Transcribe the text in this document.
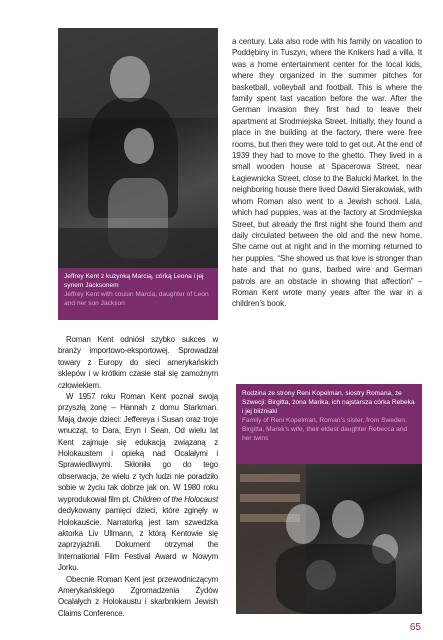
Jeffrey Kent z kuzynką Marcią, córką Leona i jej synem Jacksonem
Jeffrey Kent with cousin Marcia, daughter of Leon and her son Jackson

a century. Lala also rode with his family on vacation to Poddębiny in Tuszyn, where the Knikers had a villa. It was a home entertainment center for the local kids, where they organized in the summer pitches for basketball, volleyball and football. This is where the family spent last vacation before the war. After the German invasion they first had to leave their apartment at Srodmiejska Street. Initially, they found a place in the building at the factory, there were free rooms, but then they were told to get out. At the end of 1939 they had to move to the ghetto. They lived in a small wooden house at Spacerowa Street, near Łagiewnicka Street, close to the Balucki Market. In the neighboring house there lived Dawid Sierakowiak, with whom Roman also went to a Jewish school. Lala, which had puppies, was at the factory at Srodmiejska Street, but already the first night she found them and daily circulated between the old and the new home. She came out at night and in the morning returned to her puppies. “She showed us that love is stronger than hate and that no guns, barbed wire and German patrols are an obstacle in showing that affection” – Roman Kent wrote many years after the war in a children’s book.

Roman Kent odniósł szybko sukces w branży importowo-eksportowej. Sprowadzał towary z Europy do sieci amerykańskich sklepów i w krótkim czasie stał się zamożnym człowiekiem.

W 1957 roku Roman Kent poznał swoją przyszłą żonę – Hannah z domu Starkman. Mają dwoje dzieci: Jeffereya i Susan oraz troje wnucząt, to Dara, Eryn i Sean. Od wielu lat Kent zajmuje się edukacją związaną z Holokaustem i opieką nad Ocalałymi i Sprawiedliwymi. Skłoniła go do tego obserwacja, że wielu z tych ludzi nie poradziło sobie w życiu tak dobrze jak on. W 1980 roku wyprodukował film pt. Children of the Holocaust dedykowany pamięci dzieci, które zginęły w Holokauście. Narratorką jest tam szwedzka aktorka Liv Ullmann, z którą Kentowie się zaprzyjaźnili. Dokument otrzymał the International Film Festival Award w Nowym Jorku.

Obecnie Roman Kent jest przewodniczącym Amerykańskiego Zgromadzenia Żydów Ocalałych z Holokaustu i skarbnikiem Jewish Claims Conference.

Rodzina ze strony Reni Kopelman, siostry Romana, ze Szwecji: Birgitta, żona Marika, ich najstarsza córka Rebeka i jej bliźniaki
Family of Reni Kopelman, Roman’s sister, from Sweden: Birgitta, Marek’s wife, their eldest daughter Rebecca and her twins
65
